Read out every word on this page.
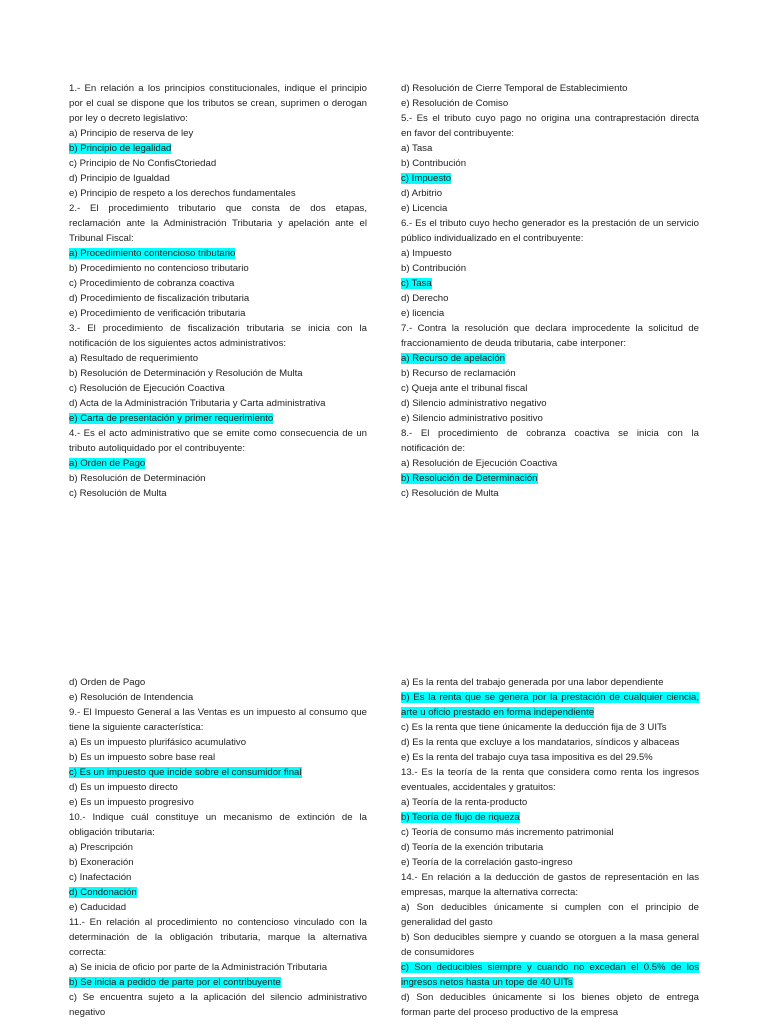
1.- En relación a los principios constitucionales, indique el principio
por el cual se dispone que los tributos se crean, suprimen o derogan
por ley o decreto legislativo:
a) Principio de reserva de ley
b) Principio de legalidad
c) Principio de No ConfisCtoriedad
d) Principio de Igualdad
e) Principio de respeto a los derechos fundamentales
2.- El procedimiento tributario que consta de dos etapas,
reclamación ante la Administración Tributaria y apelación ante el
Tribunal Fiscal:
a) Procedimiento contencioso tributario
b) Procedimiento no contencioso tributario
c) Procedimiento de cobranza coactiva
d) Procedimiento de fiscalización tributaria
e) Procedimiento de verificación tributaria
3.- El procedimiento de fiscalización tributaria se inicia con la
notificación de los siguientes actos administrativos:
a) Resultado de requerimiento
b) Resolución de Determinación y Resolución de Multa
c) Resolución de Ejecución Coactiva
d) Acta de la Administración Tributaria y Carta administrativa
e) Carta de presentación y primer requerimiento
4.- Es el acto administrativo que se emite como consecuencia de un
tributo autoliquidado por el contribuyente:
a) Orden de Pago
b) Resolución de Determinación
c) Resolución de Multa
d) Resolución de Cierre Temporal de Establecimiento
e) Resolución de Comiso
5.- Es el tributo cuyo pago no origina una contraprestación directa
en favor del contribuyente:
a) Tasa
b) Contribución
c) Impuesto
d) Arbitrio
e) Licencia
6.- Es el tributo cuyo hecho generador es la prestación de un servicio
público individualizado en el contribuyente:
a) Impuesto
b) Contribución
c) Tasa
d) Derecho
e) licencia
7.- Contra la resolución que declara improcedente la solicitud de
fraccionamiento de deuda tributaria, cabe interponer:
a) Recurso de apelación
b) Recurso de reclamación
c) Queja ante el tribunal fiscal
d) Silencio administrativo negativo
e) Silencio administrativo positivo
8.- El procedimiento de cobranza coactiva se inicia con la
notificación de:
a) Resolución de Ejecución Coactiva
b) Resolución de Determinación
c) Resolución de Multa
d) Orden de Pago
e) Resolución de Intendencia
9.- El Impuesto General a las Ventas es un impuesto al consumo que
tiene la siguiente característica:
a) Es un impuesto plurifásico acumulativo
b) Es un impuesto sobre base real
c) Es un impuesto que incide sobre el consumidor final
d) Es un impuesto directo
e) Es un impuesto progresivo
10.- Indique cuál constituye un mecanismo de extinción de la
obligación tributaria:
a) Prescripción
b) Exoneración
c) Inafectación
d) Condonación
e) Caducidad
11.- En relación al procedimiento no contencioso vinculado con la
determinación de la obligación tributaria, marque la alternativa
correcta:
a) Se inicia de oficio por parte de la Administración Tributaria
b) Se inicia a pedido de parte por el contribuyente
c) Se encuentra sujeto a la aplicación del silencio administrativo
negativo
a) Es la renta del trabajo generada por una labor dependiente
b) Es la renta que se genera por la prestación de cualquier ciencia,
arte u oficio prestado en forma independiente
c) Es la renta que tiene únicamente la deducción fija de 3 UITs
d) Es la renta que excluye a los mandatarios, síndicos y albaceas
e) Es la renta del trabajo cuya tasa impositiva es del 29.5%
13.- Es la teoría de la renta que considera como renta los ingresos
eventuales, accidentales y gratuitos:
a) Teoría de la renta-producto
b) Teoría de flujo de riqueza
c) Teoría de consumo más incremento patrimonial
d) Teoría de la exención tributaria
e) Teoría de la correlación gasto-ingreso
14.- En relación a la deducción de gastos de representación en las
empresas, marque la alternativa correcta:
a) Son deducibles únicamente si cumplen con el principio de
generalidad del gasto
b) Son deducibles siempre y cuando se otorguen a la masa general
de consumidores
c) Son deducibles siempre y cuando no excedan el 0.5% de los
ingresos netos hasta un tope de 40 UITs
d) Son deducibles únicamente si los bienes objeto de entrega
forman parte del proceso productivo de la empresa
